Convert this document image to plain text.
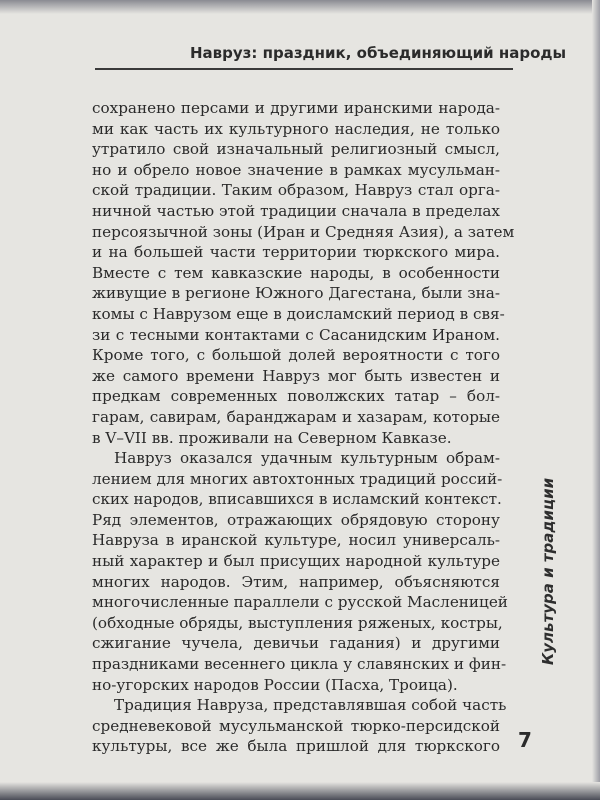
Навруз: праздник, объединяющий народы
сохранено персами и другими иранскими народа-
ми как часть их культурного наследия, не только
утратило свой изначальный религиозный смысл,
но и обрело новое значение в рамках мусульман-
ской традиции. Таким образом, Навруз стал орга-
ничной частью этой традиции сначала в пределах
персоязычной зоны (Иран и Средняя Азия), а затем
и на большей части территории тюркского мира.
Вместе с тем кавказские народы, в особенности
живущие в регионе Южного Дагестана, были зна-
комы с Наврузом еще в доисламский период в свя-
зи с тесными контактами с Сасанидским Ираном.
Кроме того, с большой долей вероятности с того
же самого времени Навруз мог быть известен и
предкам современных поволжских татар – бол-
гарам, савирам, баранджарам и хазарам, которые
в V–VII вв. проживали на Северном Кавказе.
Навруз оказался удачным культурным обрам-
лением для многих автохтонных традиций россий-
ских народов, вписавшихся в исламский контекст.
Ряд элементов, отражающих обрядовую сторону
Навруза в иранской культуре, носил универсаль-
ный характер и был присущих народной культуре
многих народов. Этим, например, объясняются
многочисленные параллели с русской Масленицей
(обходные обряды, выступления ряженых, костры,
сжигание чучела, девичьи гадания) и другими
праздниками весеннего цикла у славянских и фин-
но-угорских народов России (Пасха, Троица).
Традиция Навруза, представлявшая собой часть
средневековой мусульманской тюрко-персидской
культуры, все же была пришлой для тюркского
Культура и традиции
7
